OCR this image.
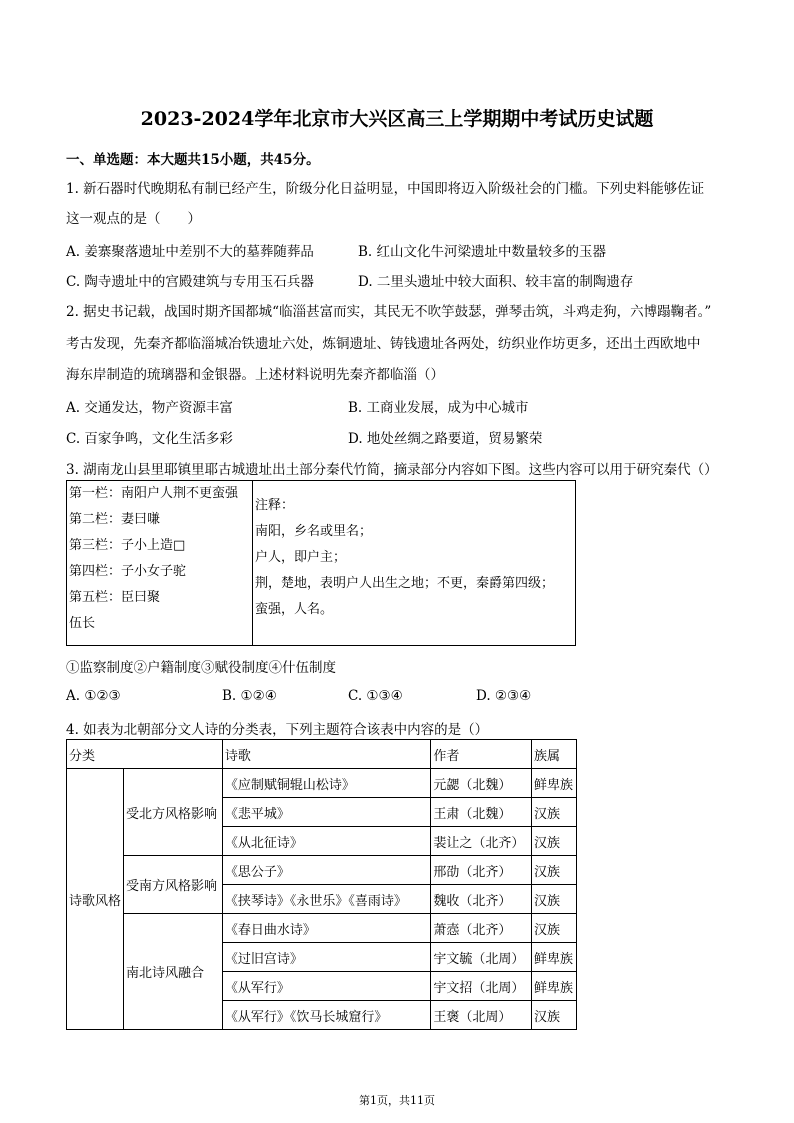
2023-2024学年北京市大兴区高三上学期期中考试历史试题
一、单选题：本大题共15小题，共45分。
1. 新石器时代晚期私有制已经产生，阶级分化日益明显，中国即将迈入阶级社会的门槛。下列史料能够佐证
这一观点的是（　　）
A. 姜寨聚落遗址中差别不大的墓葬随葬品	B. 红山文化牛河梁遗址中数量较多的玉器
C. 陶寺遗址中的宫殿建筑与专用玉石兵器	D. 二里头遗址中较大面积、较丰富的制陶遗存
2. 据史书记载，战国时期齐国都城“临淄甚富而实，其民无不吹竽鼓瑟，弹琴击筑，斗鸡走狗，六博蹋鞠者。”
考古发现，先秦齐都临淄城冶铁遗址六处，炼铜遗址、铸钱遗址各两处，纺织业作坊更多，还出土西欧地中
海东岸制造的琉璃器和金银器。上述材料说明先秦齐都临淄（）
A. 交通发达，物产资源丰富	B. 工商业发展，成为中心城市
C. 百家争鸣，文化生活多彩	D. 地处丝绸之路要道，贸易繁荣
3. 湖南龙山县里耶镇里耶古城遗址出土部分秦代竹简，摘录部分内容如下图。这些内容可以用于研究秦代（）
第一栏：南阳户人荆不更蛮强
第二栏：妻曰嗛
第三栏：子小上造□
第四栏：子小女子驼
第五栏：臣曰聚
伍长

注释：
南阳，乡名或里名；
户人，即户主；
荆，楚地，表明户人出生之地；不更，秦爵第四级；
蛮强，人名。
①监察制度②户籍制度③赋役制度④什伍制度
A. ①②③	B. ①②④	C. ①③④	D. ②③④
4. 如表为北朝部分文人诗的分类表，下列主题符合该表中内容的是（）
分类		诗歌	作者	族属
诗歌风格	受北方风格影响	《应制赋铜辊山松诗》	元勰（北魏）	鲜卑族
		《悲平城》	王肃（北魏）	汉族
		《从北征诗》	裴让之（北齐）	汉族
	受南方风格影响	《思公子》	邢劭（北齐）	汉族
		《挟琴诗》《永世乐》《喜雨诗》	魏收（北齐）	汉族
	南北诗风融合	《春日曲水诗》	萧悫（北齐）	汉族
		《过旧宫诗》	宇文毓（北周）	鲜卑族
		《从军行》	宇文招（北周）	鲜卑族
		《从军行》《饮马长城窟行》	王褒（北周）	汉族
第1页，共11页
